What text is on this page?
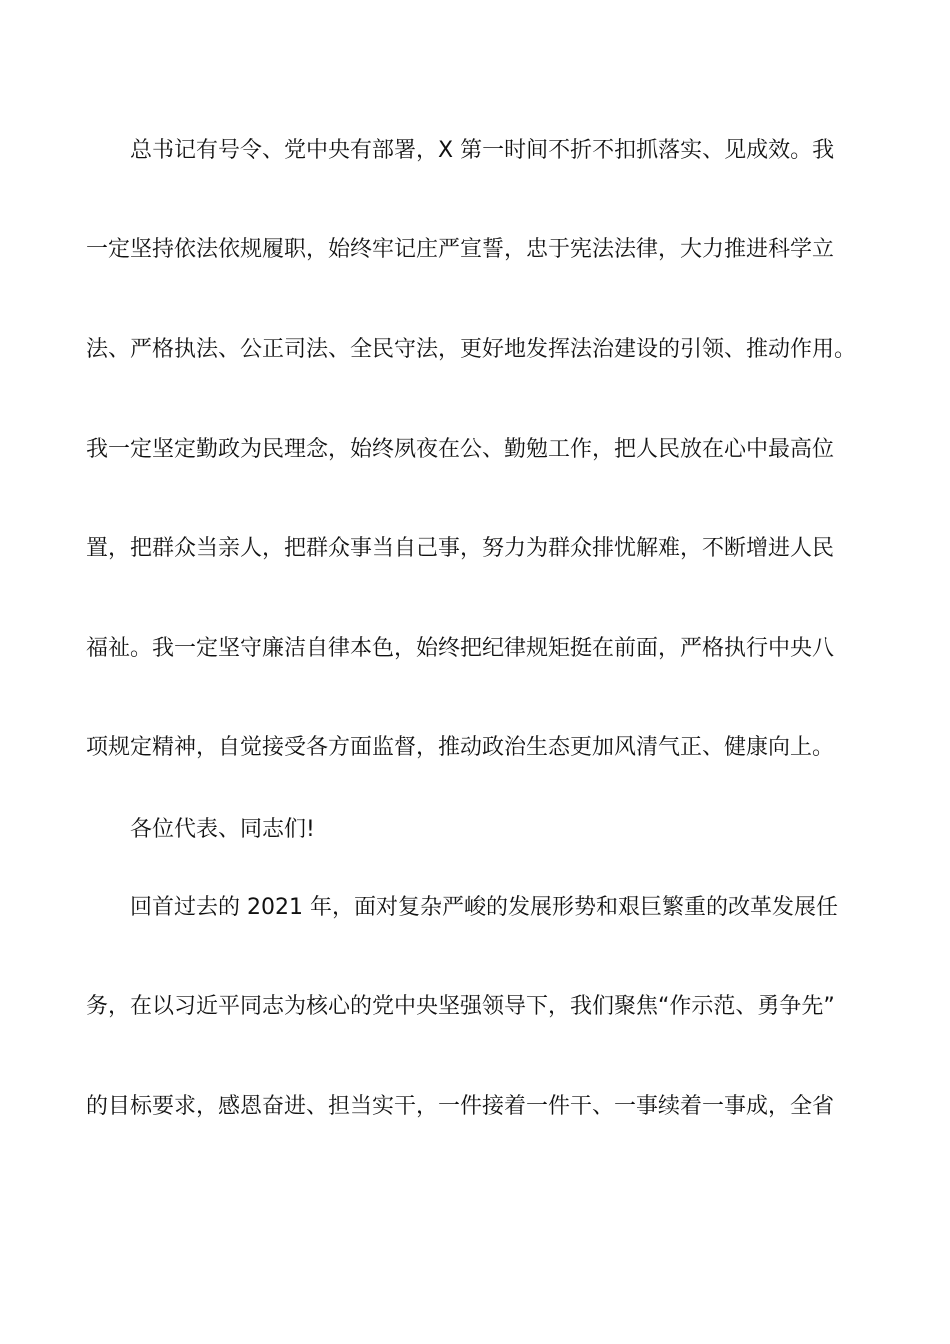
总书记有号令、党中央有部署，X 第一时间不折不扣抓落实、见成效。我
一定坚持依法依规履职，始终牢记庄严宣誓，忠于宪法法律，大力推进科学立
法、严格执法、公正司法、全民守法，更好地发挥法治建设的引领、推动作用。
我一定坚定勤政为民理念，始终夙夜在公、勤勉工作，把人民放在心中最高位
置，把群众当亲人，把群众事当自己事，努力为群众排忧解难，不断增进人民
福祉。我一定坚守廉洁自律本色，始终把纪律规矩挺在前面，严格执行中央八
项规定精神，自觉接受各方面监督，推动政治生态更加风清气正、健康向上。
各位代表、同志们!
回首过去的 2021 年，面对复杂严峻的发展形势和艰巨繁重的改革发展任
务，在以习近平同志为核心的党中央坚强领导下，我们聚焦“作示范、勇争先”
的目标要求，感恩奋进、担当实干，一件接着一件干、一事续着一事成，全省
